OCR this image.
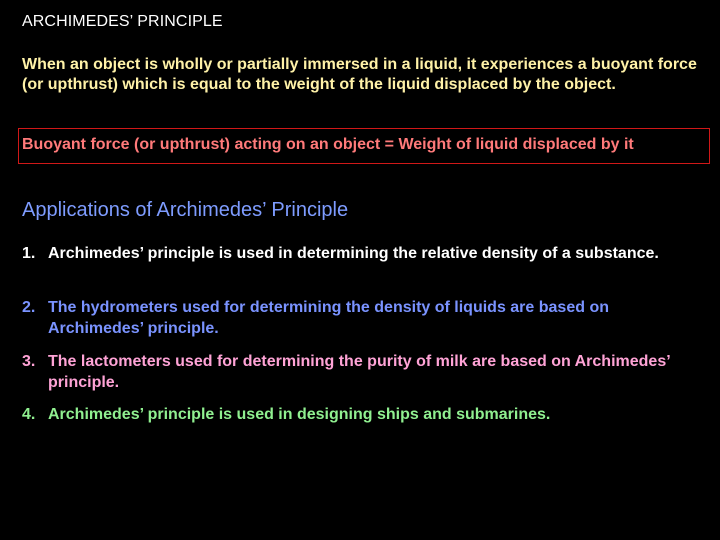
ARCHIMEDES’ PRINCIPLE
When an object is wholly or partially immersed in a liquid, it experiences a buoyant force (or upthrust) which is equal to the weight of the liquid displaced by the object.
Buoyant force (or upthrust) acting on an object = Weight of liquid displaced by it
Applications of Archimedes’ Principle
1. Archimedes’ principle is used in determining the relative density of a substance.
2. The hydrometers used for determining the density of liquids are based on Archimedes’ principle.
3. The lactometers used for determining the purity of milk are based on Archimedes’ principle.
4. Archimedes’ principle is used in designing ships and submarines.
